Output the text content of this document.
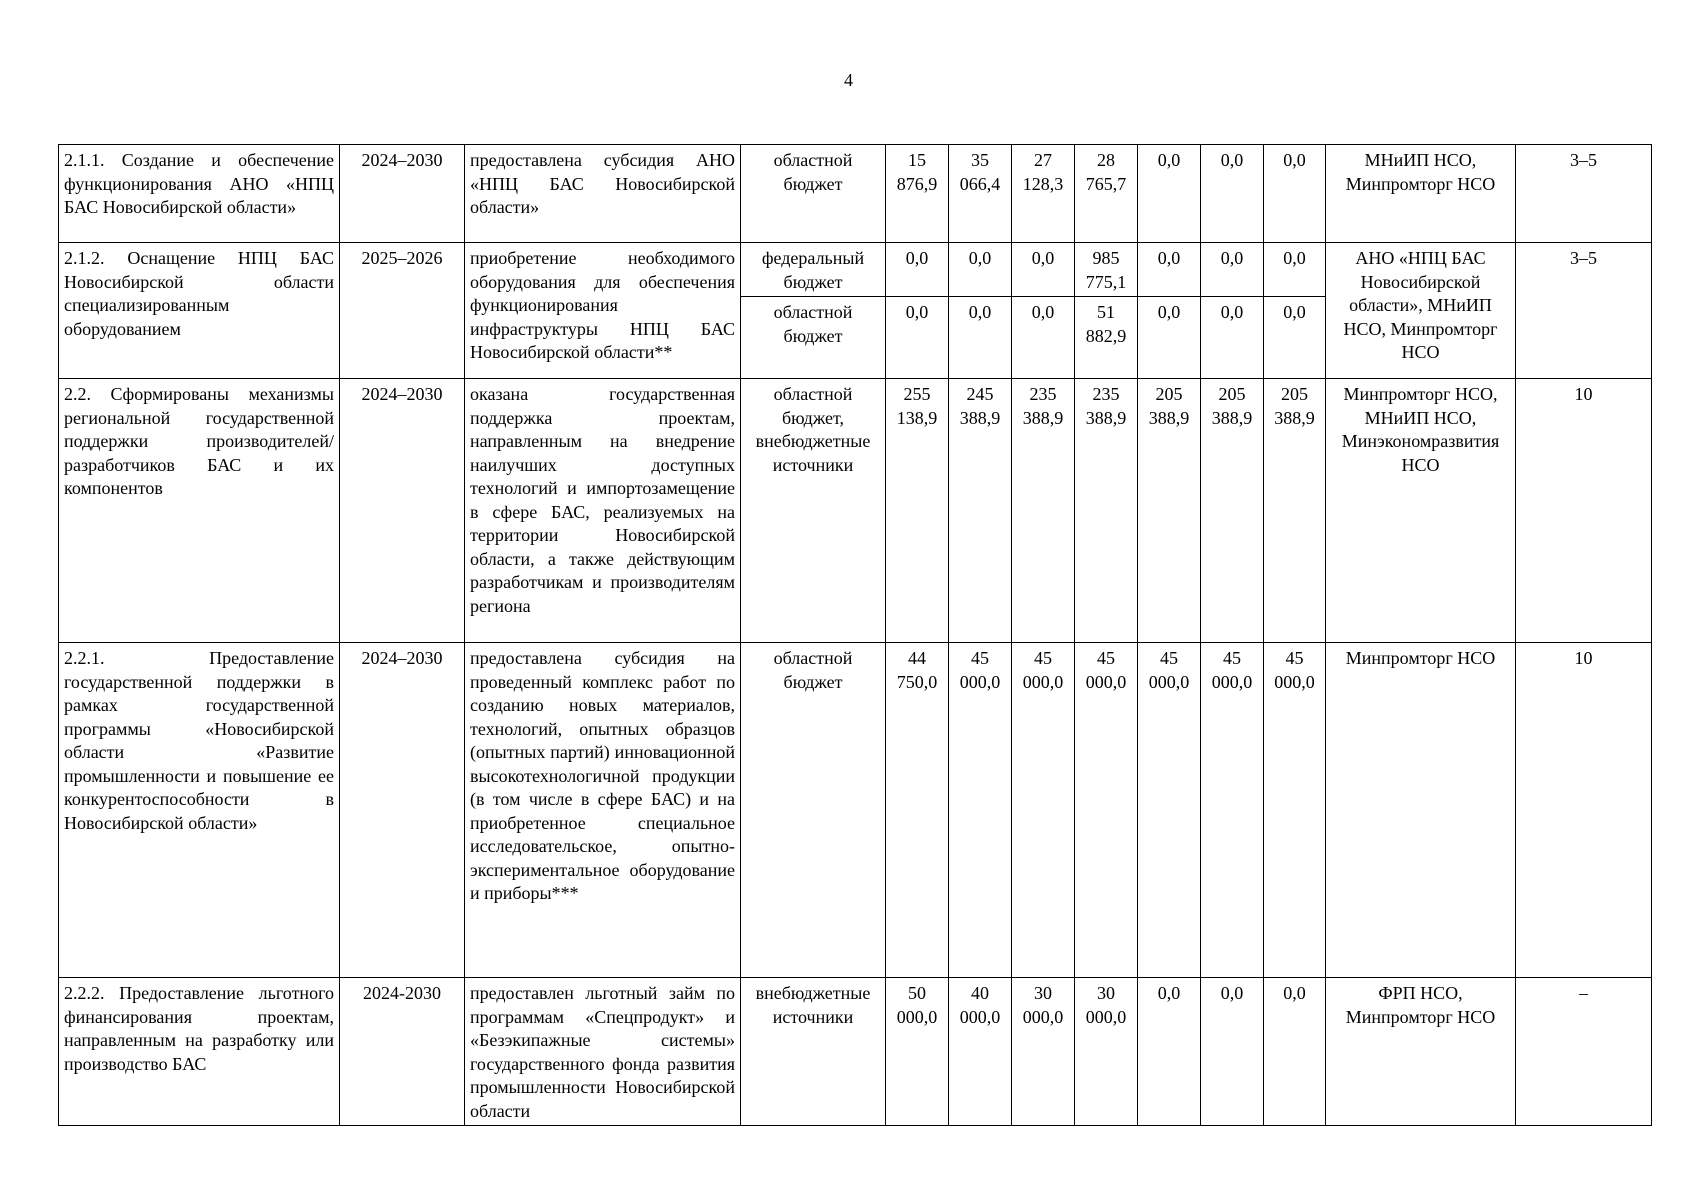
4
2.1.1. Создание и обеспечение функционирования АНО «НПЦ БАС Новосибирской области»	2024–2030	предоставлена субсидия АНО «НПЦ БАС Новосибирской области»	областной бюджет	15 876,9	35 066,4	27 128,3	28 765,7	0,0	0,0	0,0	МНиИП НСО, Минпромторг НСО	3–5
2.1.2. Оснащение НПЦ БАС Новосибирской области специализированным оборудованием	2025–2026	приобретение необходимого оборудования для обеспечения функционирования инфраструктуры НПЦ БАС Новосибирской области**	федеральный бюджет	0,0	0,0	0,0	985 775,1	0,0	0,0	0,0	АНО «НПЦ БАС Новосибирской области», МНиИП НСО, Минпромторг НСО	3–5
			областной бюджет	0,0	0,0	0,0	51 882,9	0,0	0,0	0,0		
2.2. Сформированы механизмы региональной государственной поддержки производителей/разработчиков БАС и их компонентов	2024–2030	оказана государственная поддержка проектам, направленным на внедрение наилучших доступных технологий и импортозамещение в сфере БАС, реализуемых на территории Новосибирской области, а также действующим разработчикам и производителям региона	областной бюджет, внебюджетные источники	255 138,9	245 388,9	235 388,9	235 388,9	205 388,9	205 388,9	205 388,9	Минпромторг НСО, МНиИП НСО, Минэкономразвития НСО	10
2.2.1. Предоставление государственной поддержки в рамках государственной программы «Новосибирской области «Развитие промышленности и повышение ее конкурентоспособности в Новосибирской области»	2024–2030	предоставлена субсидия на проведенный комплекс работ по созданию новых материалов, технологий, опытных образцов (опытных партий) инновационной высокотехнологичной продукции (в том числе в сфере БАС) и на приобретенное специальное исследовательское, опытно-экспериментальное оборудование и приборы***	областной бюджет	44 750,0	45 000,0	45 000,0	45 000,0	45 000,0	45 000,0	45 000,0	Минпромторг НСО	10
2.2.2. Предоставление льготного финансирования проектам, направленным на разработку или производство БАС	2024-2030	предоставлен льготный займ по программам «Спецпродукт» и «Безэкипажные системы» государственного фонда развития промышленности Новосибирской области	внебюджетные источники	50 000,0	40 000,0	30 000,0	30 000,0	0,0	0,0	0,0	ФРП НСО, Минпромторг НСО	–
